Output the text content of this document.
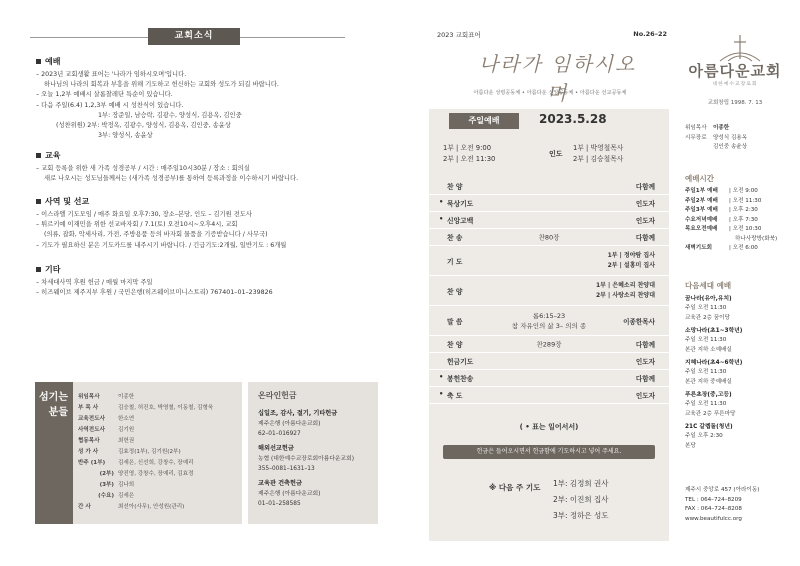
교회소식
예배

– 2023년 교회생활 표어는 '나라가 임하시오며'입니다.

하나님의 나라의 회복과 부흥을 위해 기도하고 헌신하는 교회와 성도가 되길 바랍니다.

– 오늘 1,2부 예배시 살롬찰레단 특순이 있습니다.

– 다음 주일(6.4) 1,2,3부 예배 시 성찬식이 있습니다.

1부: 장준일, 남승락, 김광수, 양성식, 김용옥, 김인중

(성찬위원) 2부: 박정옥, 김광수, 양성식, 김용옥, 김인중, 송윤상

3부: 양성식, 송윤상

교육

– 교회 등록을 위한 새 가족 성경공부 / 시간 : 매주일10시30분 / 장소 : 회의실

새로 나오시는 성도님들께서는 (새가족 성경공부)를 통하여 등록과정을 이수하시기 바랍니다.

사역 및 선교

– 이스라엘 기도모임 / 매주 화요일 오후7:30, 장소–본당, 인도 – 김기원 전도사

– 튀르키예 이재민을 위한 선교바자회 / 7.1(토) 오전10시~오후4시, 교회

(의류, 잡화, 악세사리, 가전, 주방용품 등의 바자회 물품을 기증받습니다 / 사무국)

– 기도가 필요하신 분은 기도카드를 내주시기 바랍니다. / 긴급기도:2개월, 일반기도 : 6개월

기타

– 차세대사역 후원 헌금 / 매월 마지막 주일

– 히즈웨이브 제주지부 후원 / 국민은행(히즈웨이브미니스트리) 767401–01–239826

섬기는
분들
위임목사	이종한
부 목 사	김승철, 허진호, 박영철, 이동철, 김형욱
교육전도사	한소연
사역전도사	김기원
협동목사	최헌권
성 가 사	김효정(1부), 김기원(2부)
반주 (1부)	김세은, 신선희, 강창수, 장예리
(2부) 양진영, 강창수, 장예리, 김효정
(3부) 김나희
(수요) 김세은
간 사	최선아(사무), 안성원(관리)
온라인헌금
십일조, 감사, 절기, 기타헌금
제주은행 (아름다운교회)
62–01–016927
해외선교헌금
농협 (대한예수교장로회아름다운교회)
355–0081–1631–13
교육관 건축헌금
제주은행 (아름다운교회)
01–01–258585
2023 교회표어	No.26–22
나라가 임하시오며
아름다운 성령공동체 • 아름다운 신앙공동체 • 아름다운 선교공동체
주일예배	2023.5.28
1부 | 오전 9:00
2부 | 오전 11:30
인도
1부 | 박영철목사
2부 | 김승철목사
찬 양	다함께
• 묵상기도	인도자
• 신앙고백	인도자
찬 송	찬80장	다함께
기 도
1부 | 정야람 집사
2부 | 설홍미 집사
찬 양
1부 | 은혜소리 찬양대
2부 | 사랑소리 찬양대
말 씀
롬6:15–23
참 자유인의 삶 3– 의의 종	이종한목사
찬 양	찬289장	다함께
헌금기도	인도자
• 봉헌찬송	다함께
• 축 도	인도자
( • 표는 일어서서)
헌금은 들어오시면서 헌금함에 기도하시고 넣어 주세요.
※ 다음 주 기도 1부: 김정희 권사
2부: 이진희 집사
3부: 정하은 성도
아름다운교회
대한예수교장로회
교회창립 1998. 7. 13
위임목사 이종한
시무장로 양성식 김용옥
김인중 송윤상
예배시간
주일1부 예배 | 오전 9:00
주일2부 예배 | 오전 11:30
주일3부 예배 | 오후 2:30
수요저녁예배 | 오후 7:30
목요오전예배 | 오전 10:30
하나사랑방(화북)
새벽기도회	| 오전 6:00
다음세대 예배
꿈나라(유아,유치)
주일 오전 11:30
교육관 2층 꿈이당
소망나라(초1~3학년)
주일 오전 11:30
본관 지하 소예배실
지혜나라(초4~6학년)
주일 오전 11:30
본관 지하 중예배실
푸른초장(중,고등)
주일 오전 11:30
교육관 2층 푸른마당
21C 갈렙돌(청년)
주일 오후 2:30
본당
제주시 중앙로 457 (아라이동)
TEL : 064–724–8209
FAX : 064–724–8208
www.beautifulcc.org
